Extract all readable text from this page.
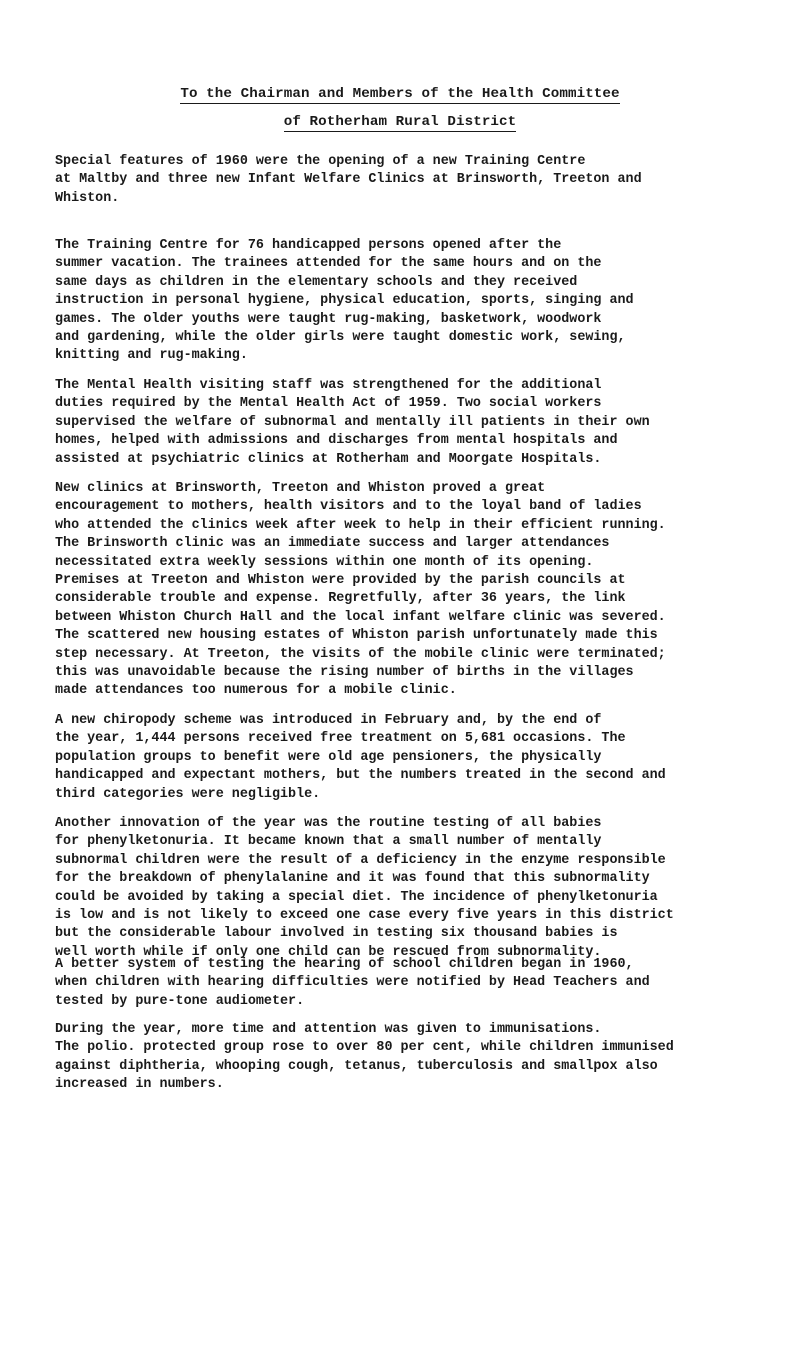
To the Chairman and Members of the Health Committee
of Rotherham Rural District

Special features of 1960 were the opening of a new Training Centre
at Maltby and three new Infant Welfare Clinics at Brinsworth, Treeton and
Whiston.

The Training Centre for 76 handicapped persons opened after the
summer vacation. The trainees attended for the same hours and on the
same days as children in the elementary schools and they received
instruction in personal hygiene, physical education, sports, singing and
games. The older youths were taught rug-making, basketwork, woodwork
and gardening, while the older girls were taught domestic work, sewing,
knitting and rug-making.

The Mental Health visiting staff was strengthened for the additional
duties required by the Mental Health Act of 1959. Two social workers
supervised the welfare of subnormal and mentally ill patients in their own
homes, helped with admissions and discharges from mental hospitals and
assisted at psychiatric clinics at Rotherham and Moorgate Hospitals.

New clinics at Brinsworth, Treeton and Whiston proved a great
encouragement to mothers, health visitors and to the loyal band of ladies
who attended the clinics week after week to help in their efficient running.
The Brinsworth clinic was an immediate success and larger attendances
necessitated extra weekly sessions within one month of its opening.
Premises at Treeton and Whiston were provided by the parish councils at
considerable trouble and expense. Regretfully, after 36 years, the link
between Whiston Church Hall and the local infant welfare clinic was severed.
The scattered new housing estates of Whiston parish unfortunately made this
step necessary. At Treeton, the visits of the mobile clinic were terminated;
this was unavoidable because the rising number of births in the villages
made attendances too numerous for a mobile clinic.

A new chiropody scheme was introduced in February and, by the end of
the year, 1,444 persons received free treatment on 5,681 occasions. The
population groups to benefit were old age pensioners, the physically
handicapped and expectant mothers, but the numbers treated in the second and
third categories were negligible.

Another innovation of the year was the routine testing of all babies
for phenylketonuria. It became known that a small number of mentally
subnormal children were the result of a deficiency in the enzyme responsible
for the breakdown of phenylalanine and it was found that this subnormality
could be avoided by taking a special diet. The incidence of phenylketonuria
is low and is not likely to exceed one case every five years in this district
but the considerable labour involved in testing six thousand babies is
well worth while if only one child can be rescued from subnormality.

A better system of testing the hearing of school children began in 1960,
when children with hearing difficulties were notified by Head Teachers and
tested by pure-tone audiometer.

During the year, more time and attention was given to immunisations.
The polio. protected group rose to over 80 per cent, while children immunised
against diphtheria, whooping cough, tetanus, tuberculosis and smallpox also
increased in numbers.
